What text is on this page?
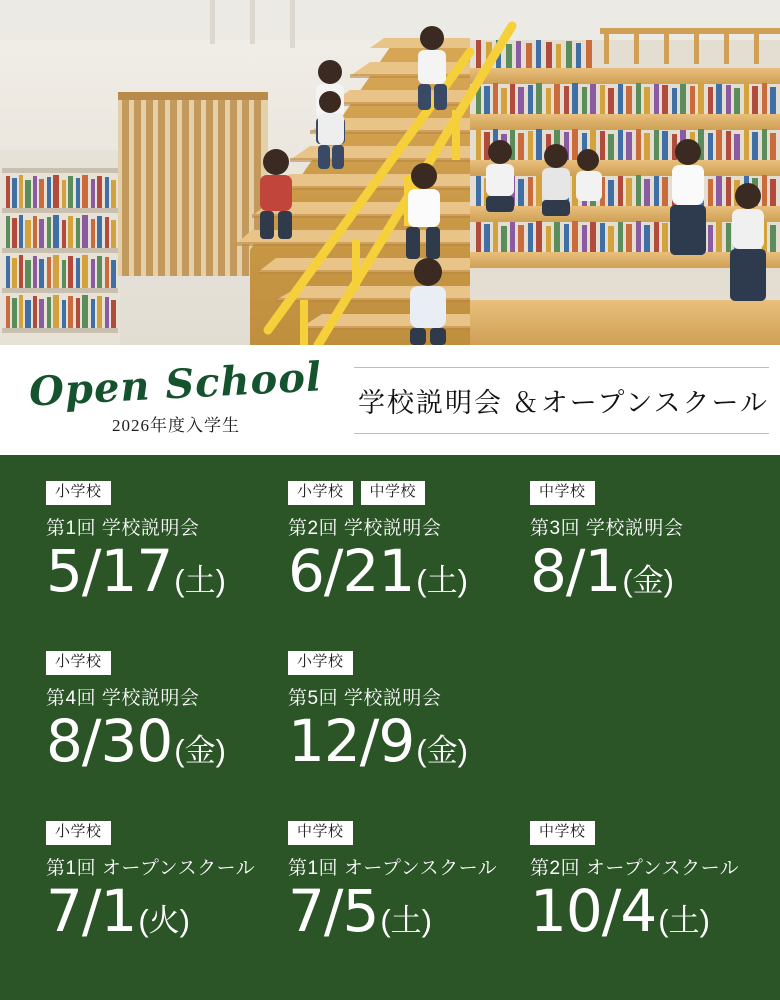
Open School
2026年度入学生
学校説明会 ＆オープンスクール
小学校
第1回 学校説明会
5/17 (土)
小学校	中学校
第2回 学校説明会
6/21 (土)
中学校
第3回 学校説明会
8/1 (金)
小学校
第4回 学校説明会
8/30 (金)
小学校
第5回 学校説明会
12/9 (金)
小学校
第1回 オープンスクール
7/1 (火)
中学校
第1回 オープンスクール
7/5 (土)
中学校
第2回 オープンスクール
10/4 (土)
